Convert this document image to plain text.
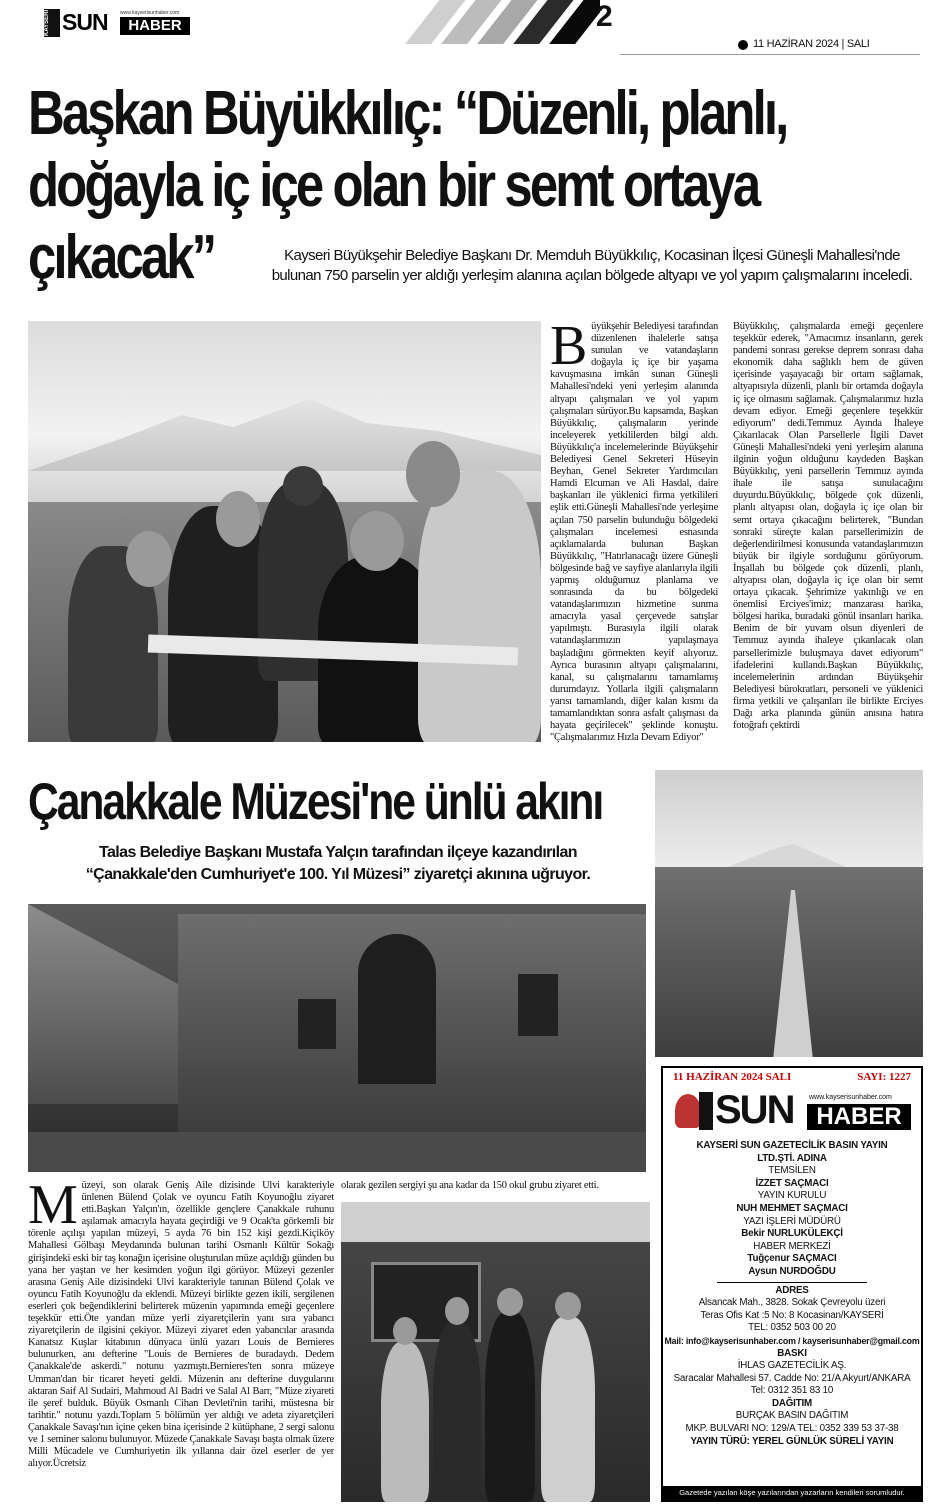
KAYSERİ SUN www.kayserisunhaber.com
HABER	2
11 HAZİRAN 2024 | SALI
Başkan Büyükkılıç: “Düzenli, planlı,
doğayla iç içe olan bir semt ortaya
çıkacak”	Kayseri Büyükşehir Belediye Başkanı Dr. Memduh Büyükkılıç, Kocasinan İlçesi Güneşli Mahallesi'nde bulunan 750 parselin yer aldığı yerleşim alanına açılan bölgede altyapı ve yol yapım çalışmalarını inceledi.
B üyükşehir Belediyesi tarafından düzenlenen ihalelerle satışa sunulan ve vatandaşların doğayla iç içe bir yaşama kavuşmasına imkân sunan Güneşli Mahallesi'ndeki yeni yerleşim alanında altyapı çalışmaları ve yol yapım çalışmaları sürüyor.Bu kapsamda, Başkan Büyükkılıç, çalışmaların yerinde inceleyerek yetkililerden bilgi aldı. Büyükkılıç'a incelemelerinde Büyükşehir Belediyesi Genel Sekreteri Hüseyin Beyhan, Genel Sekreter Yardımcıları Hamdi Elcuman ve Ali Hasdal, daire başkanları ile yüklenici firma yetkilileri eşlik etti.Güneşli Mahallesi'nde yerleşime açılan 750 parselin bulunduğu bölgedeki çalışmaları incelemesi esnasında açıklamalarda bulunan Başkan Büyükkılıç, "Hatırlanacağı üzere Güneşli bölgesinde bağ ve sayfiye alanlarıyla ilgili yapmış olduğumuz planlama ve sonrasında da bu bölgedeki vatandaşlarımızın hizmetine sunma amacıyla yasal çerçevede satışlar yapılmıştı. Burasıyla ilgili olarak vatandaşlarımızın yapılaşmaya başladığını görmekten keyif alıyoruz. Ayrıca burasının altyapı çalışmalarını, kanal, su çalışmalarını tamamlamış durumdayız. Yollarla ilgili çalışmaların yarısı tamamlandı, diğer kalan kısmı da tamamlandıktan sonra asfalt çalışması da hayata geçirilecek" şeklinde konuştu. "Çalışmalarımız Hızla Devam Ediyor"

Büyükkılıç, çalışmalarda emeği geçenlere teşekkür ederek, "Amacımız insanların, gerek pandemi sonrası gerekse deprem sonrası daha ekonomik daha sağlıklı hem de güven içerisinde yaşayacağı bir ortam sağlamak, altyapısıyla düzenli, planlı bir ortamda doğayla iç içe olmasını sağlamak. Çalışmalarımız hızla devam ediyor. Emeği geçenlere teşekkür ediyorum" dedi.Temmuz Ayında İhaleye Çıkarılacak Olan Parsellerle İlgili Davet Güneşli Mahallesi'ndeki yeni yerleşim alanına ilginin yoğun olduğunu kaydeden Başkan Büyükkılıç, yeni parsellerin Temmuz ayında ihale ile satışa sunulacağını duyurdu.Büyükkılıç, bölgede çok düzenli, planlı altyapısı olan, doğayla iç içe olan bir semt ortaya çıkacağını belirterek, "Bundan sonraki süreçte kalan parsellerimizin de değerlendirilmesi konusunda vatandaşlarımızın büyük bir ilgiyle sorduğunu görüyorum. İnşallah bu bölgede çok düzenli, planlı, altyapısı olan, doğayla iç içe olan bir semt ortaya çıkacak. Şehrimize yakınlığı ve en önemlisi Erciyes'imiz; manzarası harika, bölgesi harika, buradaki gönül insanları harika. Benim de bir yuvam olsun diyenleri de Temmuz ayında ihaleye çıkanlacak olan parsellerimizle buluşmaya davet ediyorum" ifadelerini kullandı.Başkan Büyükkılıç, incelemelerinin ardından Büyükşehir Belediyesi bürokratları, personeli ve yüklenici firma yetkili ve çalışanları ile birlikte Erciyes Dağı arka planında günün anısına hatıra fotoğrafı çektirdi

Çanakkale Müzesi'ne ünlü akını
Talas Belediye Başkanı Mustafa Yalçın tarafından ilçeye kazandırılan
“Çanakkale'den Cumhuriyet'e 100. Yıl Müzesi” ziyaretçi akınına uğruyor.
M üzeyi, son olarak Geniş Aile dizisinde Ulvi karakteriyle ünlenen Bülend Çolak ve oyuncu Fatih Koyunoğlu ziyaret etti.Başkan Yalçın'ın, özellikle gençlere Çanakkale ruhunu aşılamak amacıyla hayata geçirdiği ve 9 Ocak'ta görkemli bir törenle açılışı yapılan müzeyi, 5 ayda 76 bin 152 kişi gezdi.Kiçiköy Mahallesi Gölbaşı Meydanında bulunan tarihi Osmanlı Kültür Sokağı girişindeki eski bir taş konağın içerisine oluşturulan müze açıldığı günden bu yana her yaştan ve her kesimden yoğun ilgi görüyor. Müzeyi gezenler arasına Geniş Aile dizisindeki Ulvi karakteriyle tanınan Bülend Çolak ve oyuncu Fatih Koyunoğlu da eklendi. Müzeyi birlikte gezen ikili, sergilenen eserleri çok beğendiklerini belirterek müzenin yapımında emeği geçenlere teşekkür etti.Öte yandan müze yerli ziyaretçilerin yanı sıra yabancı ziyaretçilerin de ilgisini çekiyor. Müzeyi ziyaret eden yabancılar arasında Kanatsız Kuşlar kitabının dünyaca ünlü yazarı Louis de Bernieres bulunurken, anı defterine "Louis de Bernieres de buradaydı. Dedem Çanakkale'de askerdi." notunu yazmıştı.Bernieres'ten sonra müzeye Umman'dan bir ticaret heyeti geldi. Müzenin anı defterine duygularını aktaran Saif Al Sudairi, Mahmoud Al Badri ve Salal Al Barr, "Müze ziyareti ile şeref bulduk. Büyük Osmanlı Cihan Devleti'nin tarihi, müstesna bir tarihtir." notunu yazdı.Toplam 5 bölümün yer aldığı ve adeta ziyaretçileri Çanakkale Savaşı'nın içine çeken bina içerisinde 2 kütüphane, 2 sergi salonu ve 1 seminer salonu bulunuyor. Müzede Çanakkale Savaşı başta olmak üzere Milli Mücadele ve Cumhuriyetin ilk yıllanna dair özel eserler de yer alıyor.Ücretsiz

olarak gezilen sergiyi şu ana kadar da 150 okul grubu ziyaret etti.

11 HAZİRAN 2024 SALI	SAYI: 1227
SUN www.kayserisunhaber.com
HABER
KAYSERİ SUN GAZETECİLİK BASIN YAYIN LTD.ŞTİ. ADINA
TEMSİLEN
İZZET SAÇMACI
YAYIN KURULU
NUH MEHMET SAÇMACI
YAZI İŞLERİ MÜDÜRÜ
Bekir NURLUKÜLEKÇİ
HABER MERKEZİ
Tuğçenur SAÇMACI
Aysun NURDOĞDU
ADRES
Alsancak Mah., 3828. Sokak Çevreyolu üzeri
Teras Ofis Kat :5 No: 8 Kocasinan/KAYSERİ
TEL: 0352 503 00 20
Mail: info@kayserisunhaber.com / kayserisunhaber@gmail.com
BASKI
İHLAS GAZETECİLİK AŞ.
Saracalar Mahallesi 57. Cadde No: 21/A Akyurt/ANKARA
Tel: 0312 351 83 10
DAĞITIM
BURÇAK BASIN DAĞITIM
MKP. BULVARI NO: 129/A TEL: 0352 339 53 37-38
YAYIN TÜRÜ: YEREL GÜNLÜK SÜRELİ YAYIN
Gazetede yazılan köşe yazılarından yazarların kendileri sorumludur.
